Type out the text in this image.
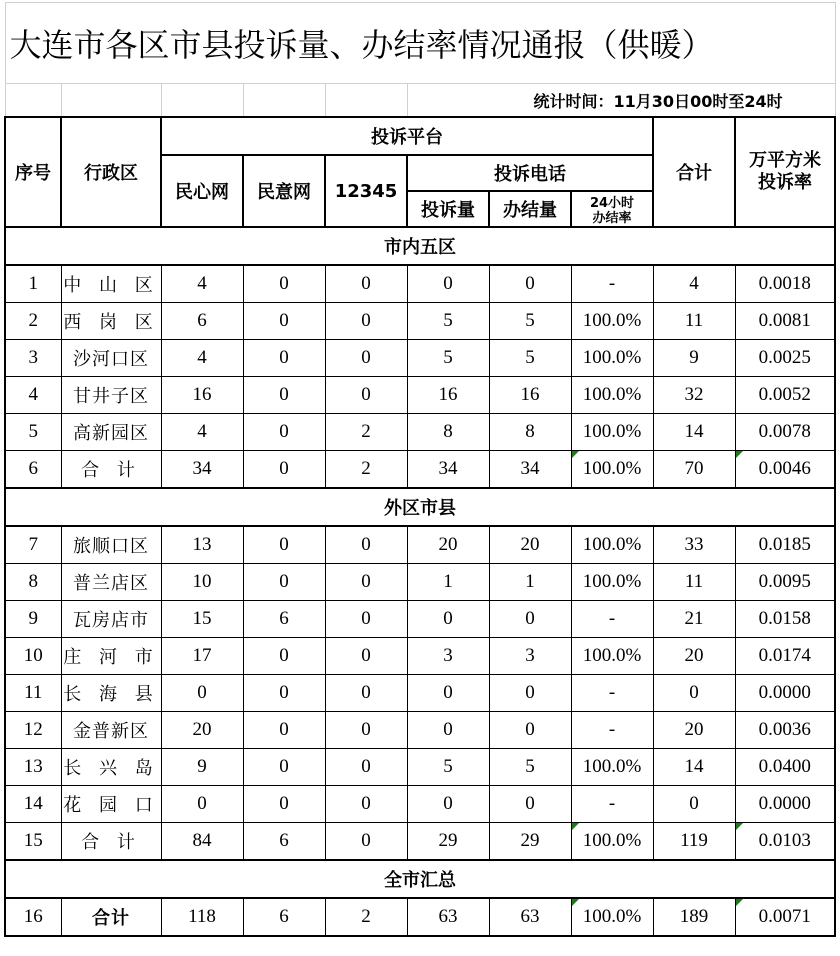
大连市各区市县投诉量、办结率情况通报（供暖）									
					统计时间：11月30日00时至24时				
序号	行政区	投诉平台						合计	万平方米
投诉率
		民心网	民意网	12345	投诉电话				
					投诉量	办结量	24小时
办结率		
市内五区									
1	中 山 区	4	0	0	0	0	-	4	0.0018
2	西 岗 区	6	0	0	5	5	100.0%	11	0.0081
3	沙河口区	4	0	0	5	5	100.0%	9	0.0025
4	甘井子区	16	0	0	16	16	100.0%	32	0.0052
5	高新园区	4	0	2	8	8	100.0%	14	0.0078
6	合 计	34	0	2	34	34	100.0%	70	0.0046
外区市县									
7	旅顺口区	13	0	0	20	20	100.0%	33	0.0185
8	普兰店区	10	0	0	1	1	100.0%	11	0.0095
9	瓦房店市	15	6	0	0	0	-	21	0.0158
10	庄 河 市	17	0	0	3	3	100.0%	20	0.0174
11	长 海 县	0	0	0	0	0	-	0	0.0000
12	金普新区	20	0	0	0	0	-	20	0.0036
13	长 兴 岛	9	0	0	5	5	100.0%	14	0.0400
14	花 园 口	0	0	0	0	0	-	0	0.0000
15	合 计	84	6	0	29	29	100.0%	119	0.0103
全市汇总									
16	合计	118	6	2	63	63	100.0%	189	0.0071
